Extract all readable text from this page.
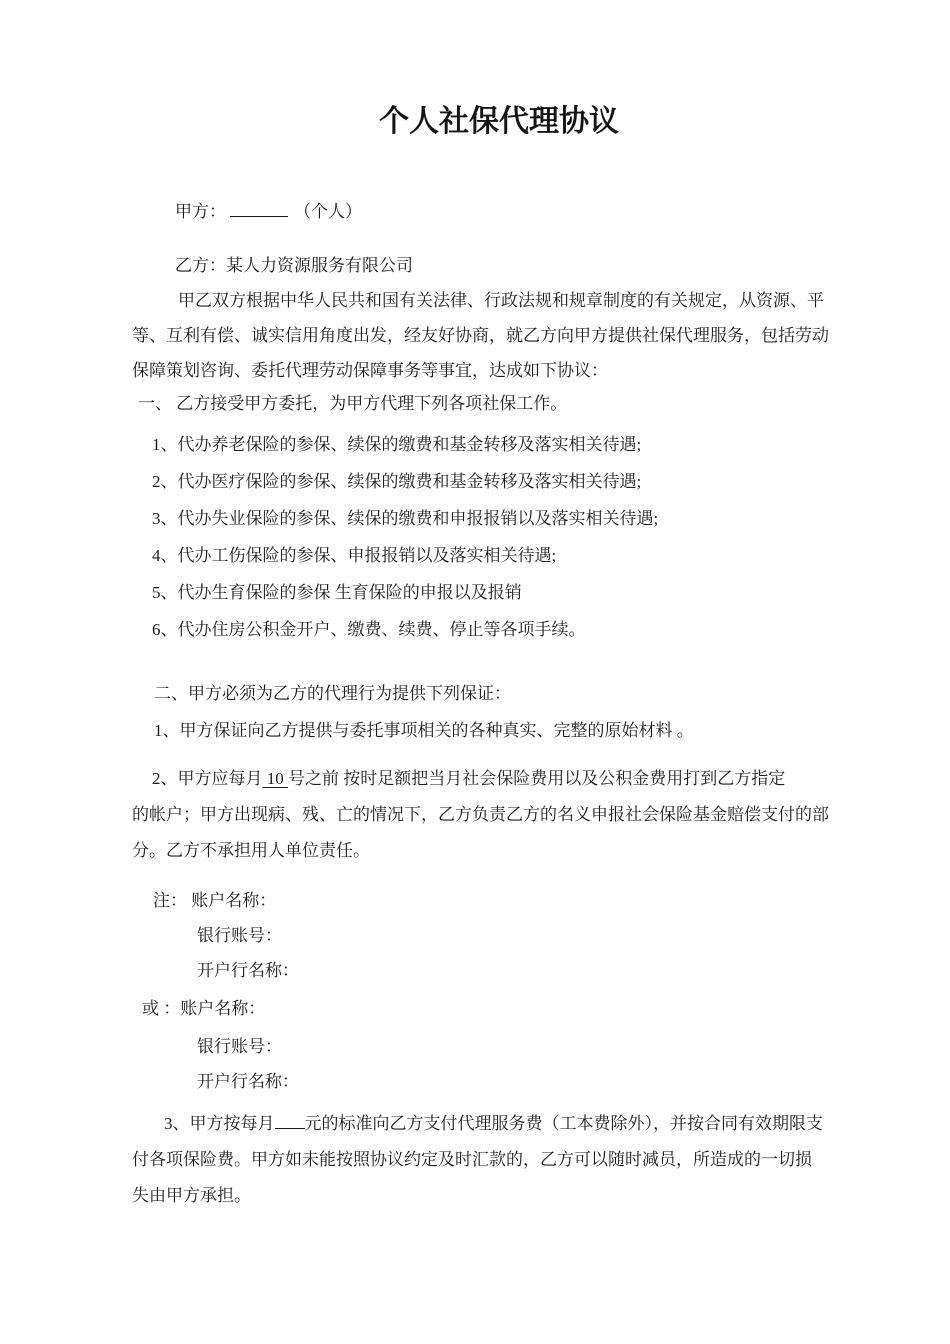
个人社保代理协议
甲方：	（个人）
乙方：某人力资源服务有限公司
甲乙双方根据中华人民共和国有关法律、行政法规和规章制度的有关规定，从资源、平
等、互利有偿、诚实信用角度出发，经友好协商，就乙方向甲方提供社保代理服务，包括劳动
保障策划咨询、委托代理劳动保障事务等事宜，达成如下协议：
一、 乙方接受甲方委托，为甲方代理下列各项社保工作。
1、代办养老保险的参保、续保的缴费和基金转移及落实相关待遇;
2、代办医疗保险的参保、续保的缴费和基金转移及落实相关待遇;
3、代办失业保险的参保、续保的缴费和申报报销以及落实相关待遇;
4、代办工伤保险的参保、申报报销以及落实相关待遇;
5、代办生育保险的参保 生育保险的申报以及报销
6、代办住房公积金开户、缴费、续费、停止等各项手续。
二、甲方必须为乙方的代理行为提供下列保证：
1、甲方保证向乙方提供与委托事项相关的各种真实、完整的原始材料 。
2、甲方应每月 10 号之前 按时足额把当月社会保险费用以及公积金费用打到乙方指定
的帐户；甲方出现病、残、亡的情况下，乙方负责乙方的名义申报社会保险基金赔偿支付的部
分。乙方不承担用人单位责任。
注： 账户名称：
银行账号：
开户行名称：
或 ：账户名称：
银行账号：
开户行名称：
3、甲方按每月 元的标准向乙方支付代理服务费（工本费除外），并按合同有效期限支
付各项保险费。甲方如未能按照协议约定及时汇款的，乙方可以随时减员，所造成的一切损
失由甲方承担。
